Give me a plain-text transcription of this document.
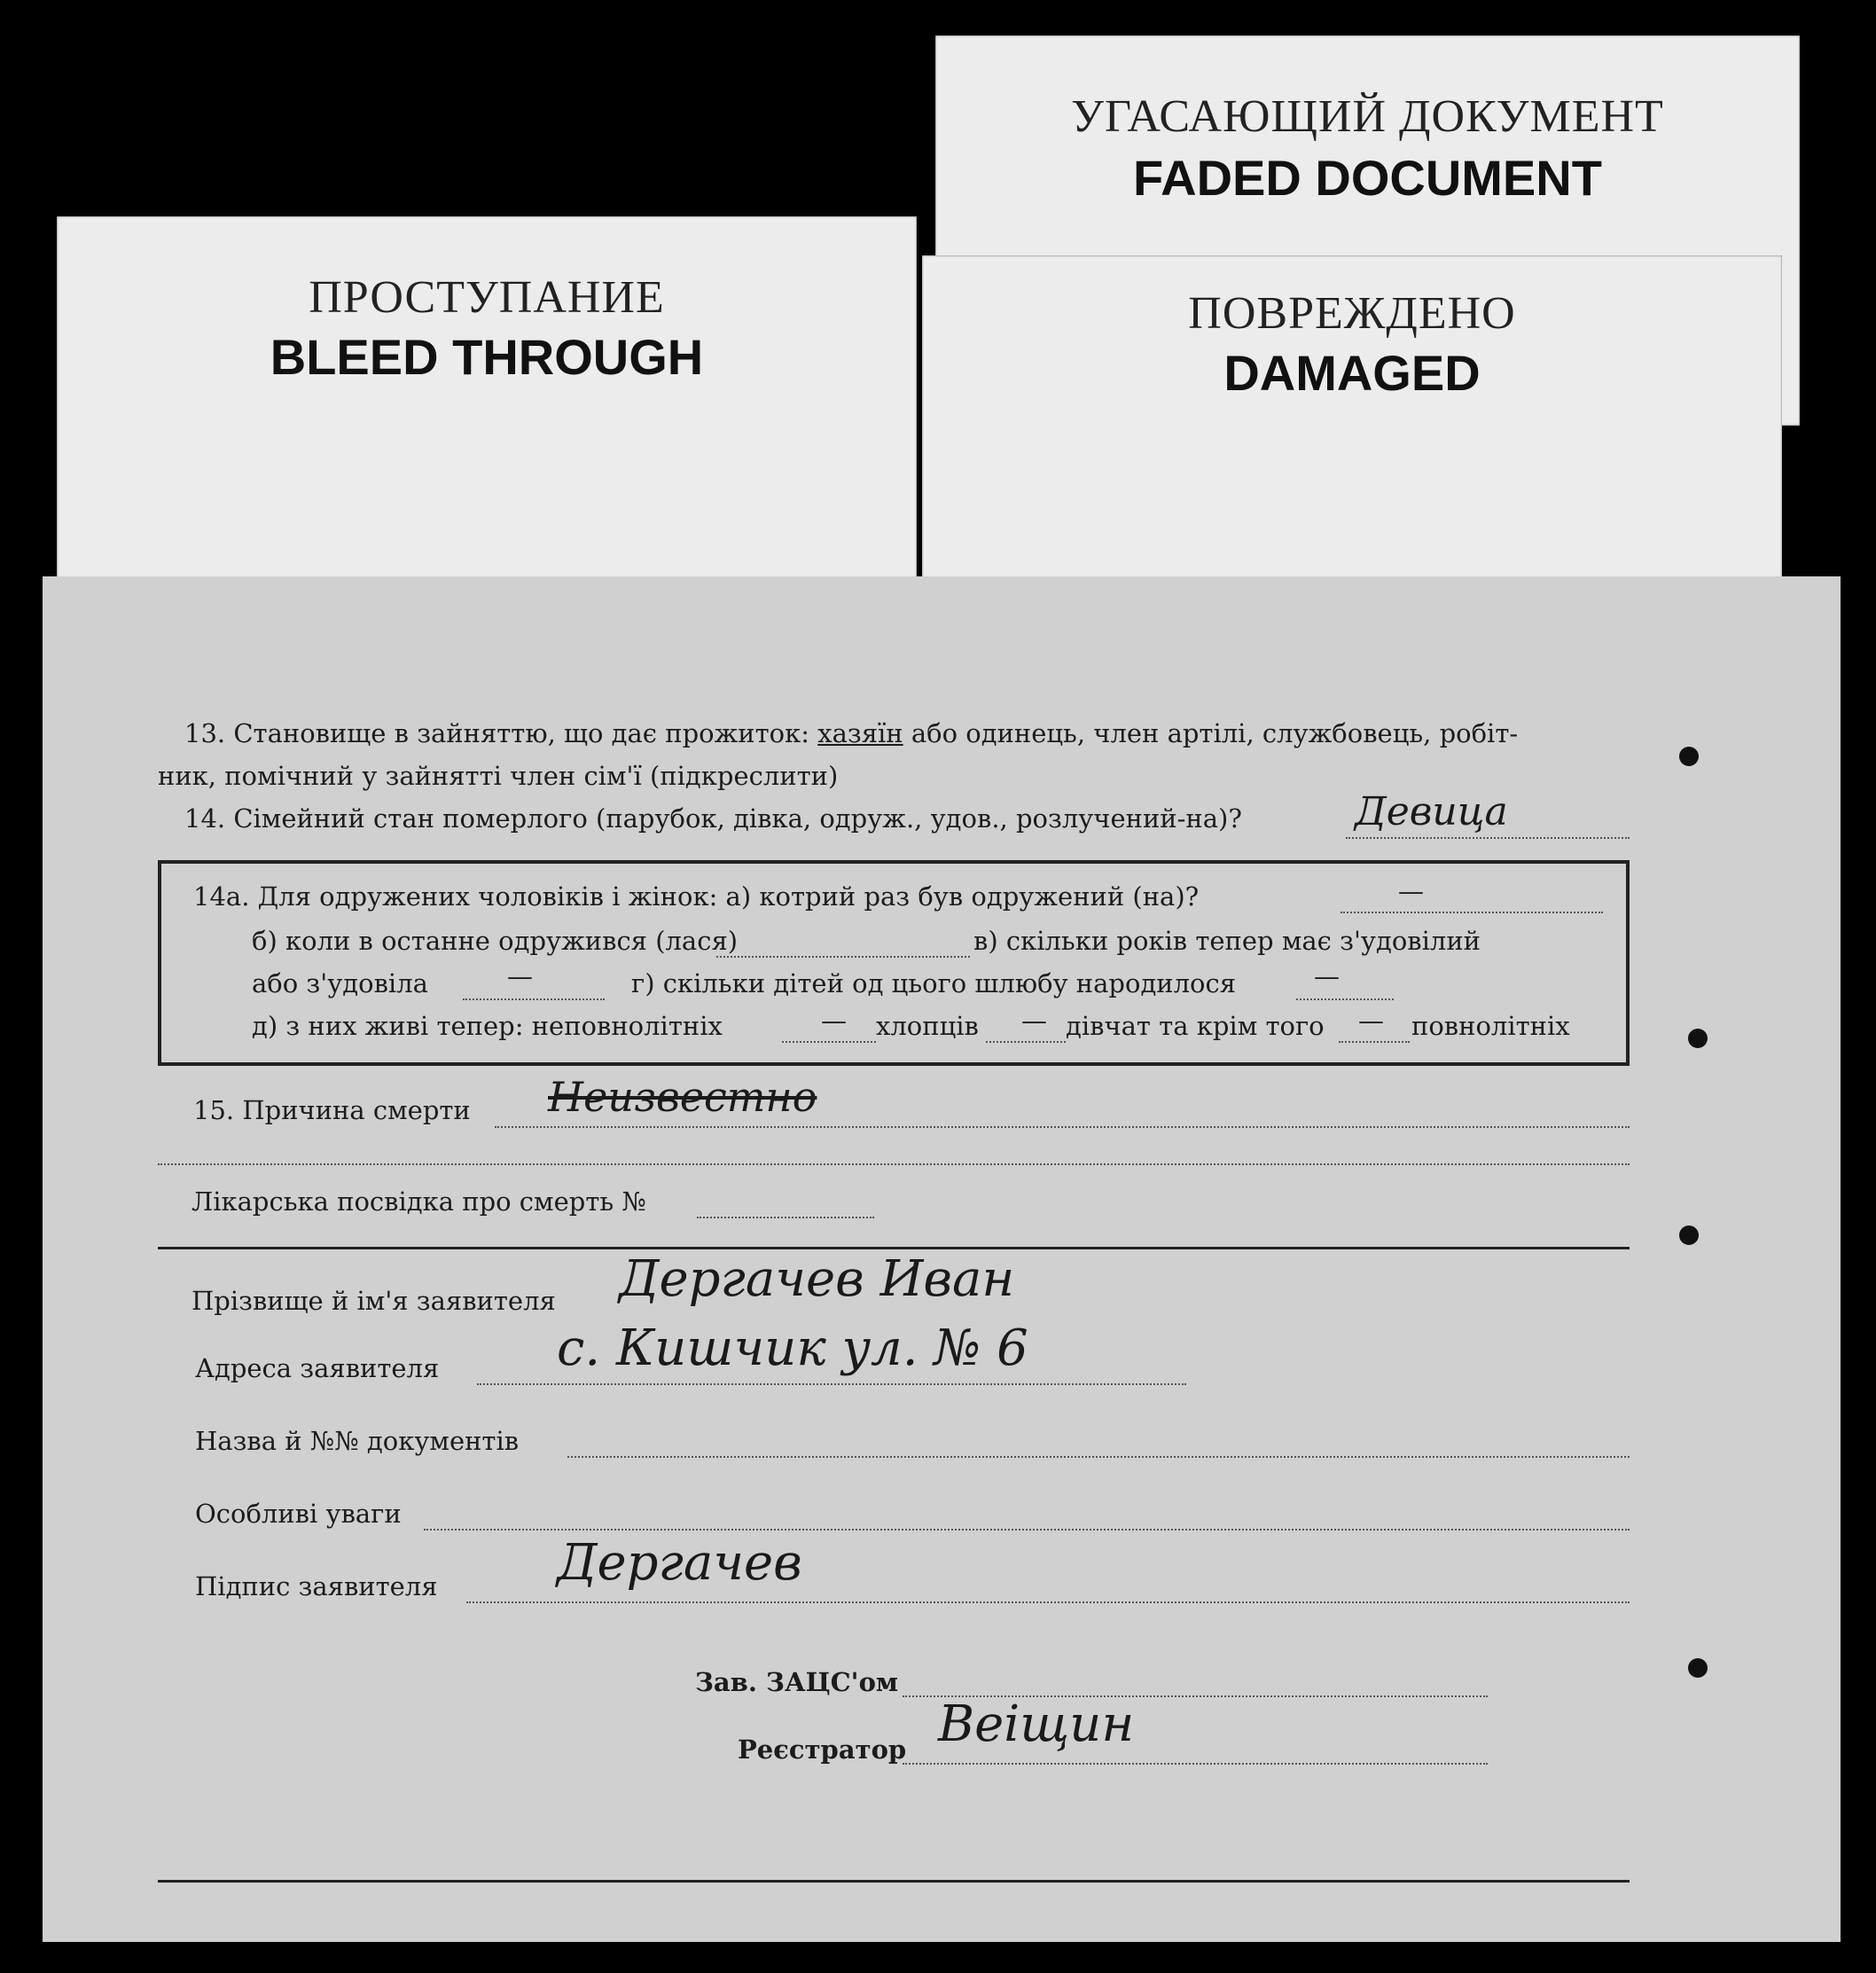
УГАСАЮЩИЙ ДОКУМЕНТ
FADED DOCUMENT
ПРОСТУПАНИЕ
BLEED THROUGH
ПОВРЕЖДЕНО
DAMAGED
13. Становище в зайняттю, що дає прожиток: хазяїн або одинець, член артілі, службовець, робіт-
ник, помічний у зайнятті член сім'ї (підкреслити)
14. Сімейний стан померлого (парубок, дівка, одруж., удов., розлучений-на)?	Девица
14а. Для одружених чоловіків і жінок: а) котрий раз був одружений (на)?	—
б) коли в останне одружився (лася)	в) скільки років тепер має з'удовілий
або з'удовіла	—	г) скільки дітей од цього шлюбу народилося	—
д) з них живі тепер: неповнолітніх	— хлопців — дівчат та крім того — повнолітніх
15. Причина смерти Неизвестно
Лікарська посвідка про смерть №
Прізвище й ім'я заявителя Дергачев Иван
Адреса заявителя с. Кишчик ул. № 6
Назва й №№ документів
Особливі уваги
Підпис заявителя Дергачев
Зав. ЗАЦС'ом
Реєстратор Веіщин
